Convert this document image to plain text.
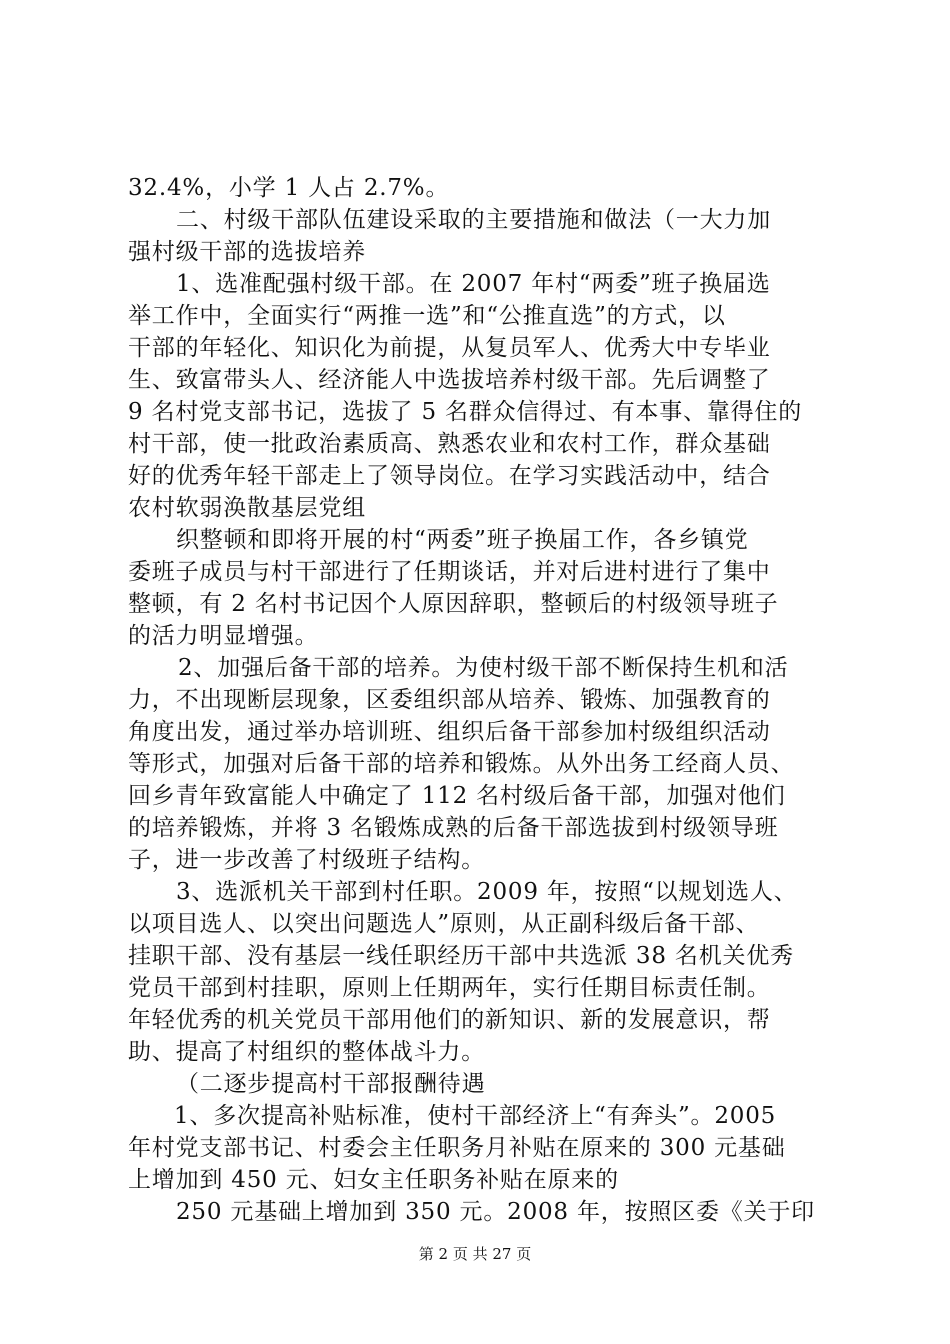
32.4%，小学 1 人占 2.7%。
二、村级干部队伍建设采取的主要措施和做法（一大力加
强村级干部的选拔培养
1、选准配强村级干部。在 2007 年村“两委”班子换届选
举工作中，全面实行“两推一选”和“公推直选”的方式，以
干部的年轻化、知识化为前提，从复员军人、优秀大中专毕业
生、致富带头人、经济能人中选拔培养村级干部。先后调整了
9 名村党支部书记，选拔了 5 名群众信得过、有本事、靠得住的
村干部，使一批政治素质高、熟悉农业和农村工作，群众基础
好的优秀年轻干部走上了领导岗位。在学习实践活动中，结合
农村软弱涣散基层党组
织整顿和即将开展的村“两委”班子换届工作，各乡镇党
委班子成员与村干部进行了任期谈话，并对后进村进行了集中
整顿，有 2 名村书记因个人原因辞职，整顿后的村级领导班子
的活力明显增强。
2、加强后备干部的培养。为使村级干部不断保持生机和活
力，不出现断层现象，区委组织部从培养、锻炼、加强教育的
角度出发，通过举办培训班、组织后备干部参加村级组织活动
等形式，加强对后备干部的培养和锻炼。从外出务工经商人员、
回乡青年致富能人中确定了 112 名村级后备干部，加强对他们
的培养锻炼，并将 3 名锻炼成熟的后备干部选拔到村级领导班
子，进一步改善了村级班子结构。
3、选派机关干部到村任职。2009 年，按照“以规划选人、
以项目选人、以突出问题选人”原则，从正副科级后备干部、
挂职干部、没有基层一线任职经历干部中共选派 38 名机关优秀
党员干部到村挂职，原则上任期两年，实行任期目标责任制。
年轻优秀的机关党员干部用他们的新知识、新的发展意识，帮
助、提高了村组织的整体战斗力。
（二逐步提高村干部报酬待遇
1、多次提高补贴标准，使村干部经济上“有奔头”。2005
年村党支部书记、村委会主任职务月补贴在原来的 300 元基础
上增加到 450 元、妇女主任职务补贴在原来的
250 元基础上增加到 350 元。2008 年，按照区委《关于印
第 2 页 共 27 页
